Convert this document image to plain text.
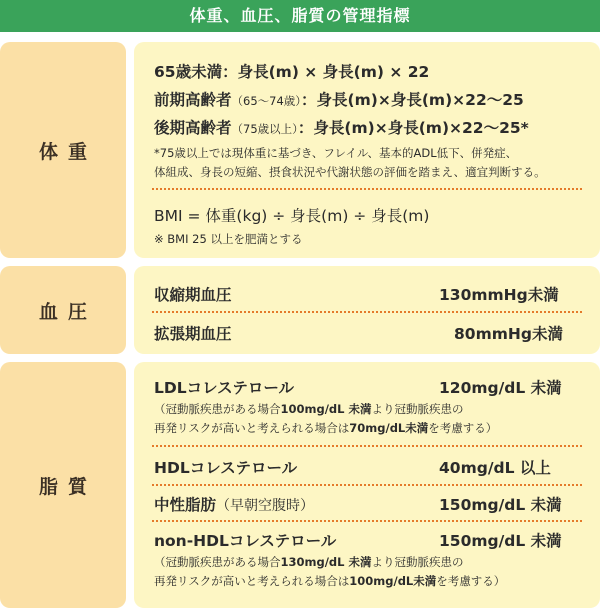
体重、血圧、脂質の管理指標
体重
65歳未満：身長(m) × 身長(m) × 22
前期高齢者（65〜74歳）：身長(m)×身長(m)×22〜25
後期高齢者（75歳以上）：身長(m)×身長(m)×22〜25*
*75歳以上では現体重に基づき、フレイル、基本的ADL低下、併発症、
体組成、身長の短縮、摂食状況や代謝状態の評価を踏まえ、適宜判断する。
BMI = 体重(kg) ÷ 身長(m) ÷ 身長(m)
※ BMI 25 以上を肥満とする
血圧
収縮期血圧	130mmHg未満
拡張期血圧	80mmHg未満
脂質
LDLコレステロール	120mg/dL 未満
（冠動脈疾患がある場合100mg/dL 未満より冠動脈疾患の
再発リスクが高いと考えられる場合は70mg/dL未満を考慮する）
HDLコレステロール	40mg/dL 以上
中性脂肪（早朝空腹時）	150mg/dL 未満
non-HDLコレステロール	150mg/dL 未満
（冠動脈疾患がある場合130mg/dL 未満より冠動脈疾患の
再発リスクが高いと考えられる場合は100mg/dL未満を考慮する）
